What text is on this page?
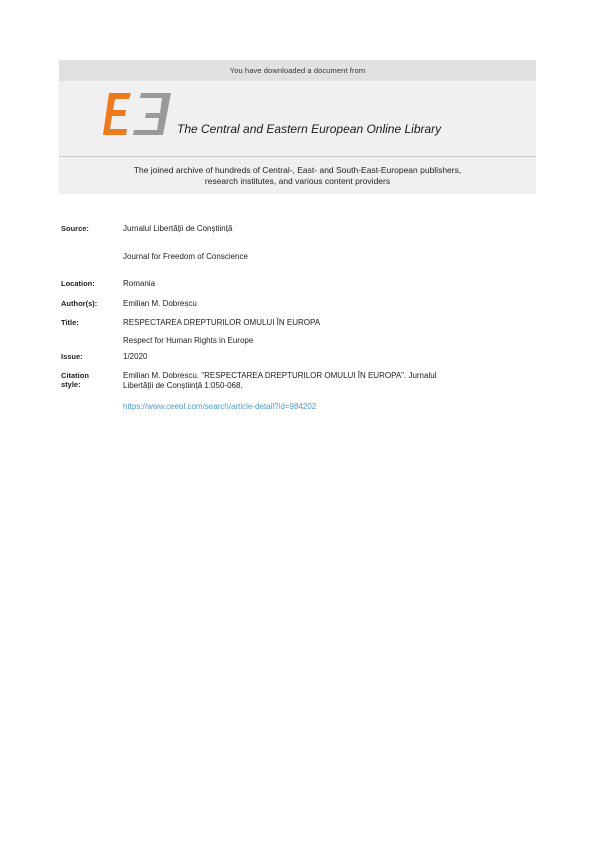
You have downloaded a document from
The Central and Eastern European Online Library
The joined archive of hundreds of Central-, East- and South-East-European publishers,
research institutes, and various content providers
Source:	Jurnalul Libertății de Conștiință
Journal for Freedom of Conscience
Location:	Romania
Author(s):	Emilian M. Dobrescu
Title:	RESPECTAREA DREPTURILOR OMULUI ÎN EUROPA
Respect for Human Rights in Europe
Issue:	1/2020
Citation
style:
Emilian M. Dobrescu. "RESPECTAREA DREPTURILOR OMULUI ÎN EUROPA". Jurnalul
Libertății de Conștiință 1:050-068.
https://www.ceeol.com/search/article-detail?id=984202
